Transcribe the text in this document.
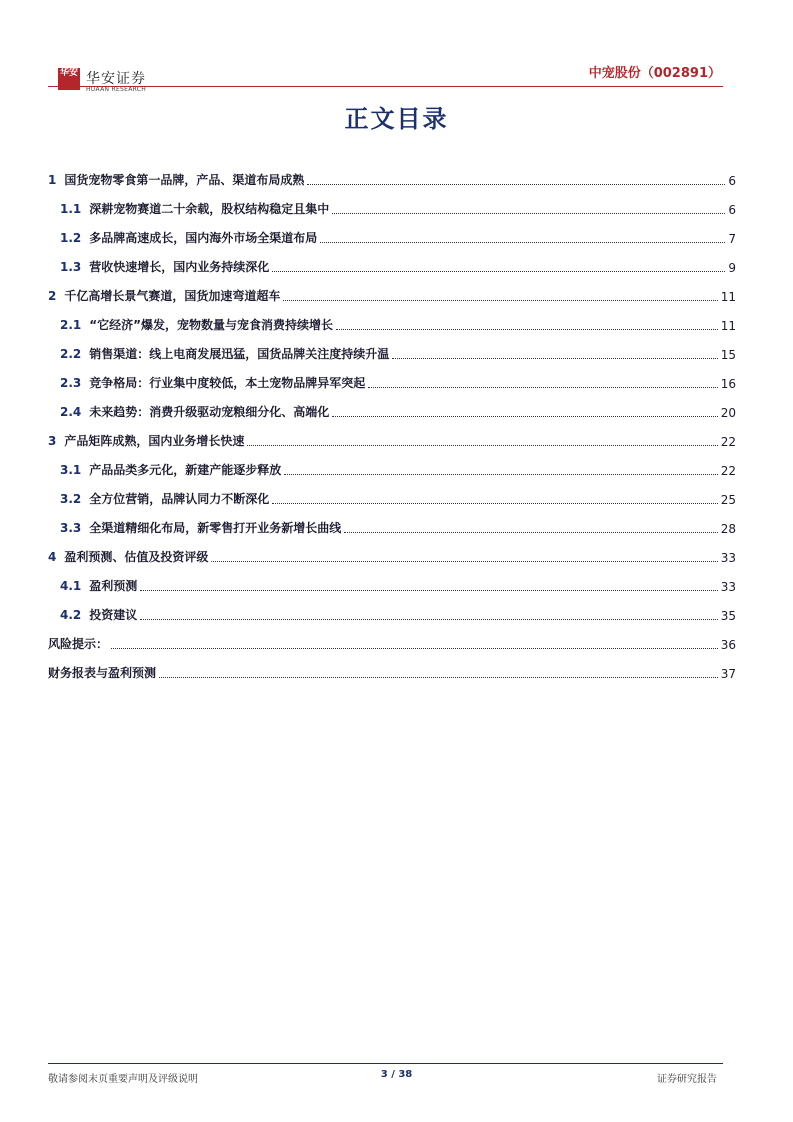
华安 华安证券
HUAAN RESEARCH
中宠股份（002891）
正文目录
1 国货宠物零食第一品牌，产品、渠道布局成熟	6
1.1 深耕宠物赛道二十余载，股权结构稳定且集中	6
1.2 多品牌高速成长，国内海外市场全渠道布局	7
1.3 营收快速增长，国内业务持续深化	9
2 千亿高增长景气赛道，国货加速弯道超车	11
2.1 “它经济”爆发，宠物数量与宠食消费持续增长	11
2.2 销售渠道：线上电商发展迅猛，国货品牌关注度持续升温	15
2.3 竞争格局：行业集中度较低，本土宠物品牌异军突起	16
2.4 未来趋势：消费升级驱动宠粮细分化、高端化	20
3 产品矩阵成熟，国内业务增长快速	22
3.1 产品品类多元化，新建产能逐步释放	22
3.2 全方位营销，品牌认同力不断深化	25
3.3 全渠道精细化布局，新零售打开业务新增长曲线	28
4 盈利预测、估值及投资评级	33
4.1 盈利预测	33
4.2 投资建议	35
风险提示：	36
财务报表与盈利预测	37
敬请参阅末页重要声明及评级说明	3 / 38	证券研究报告
